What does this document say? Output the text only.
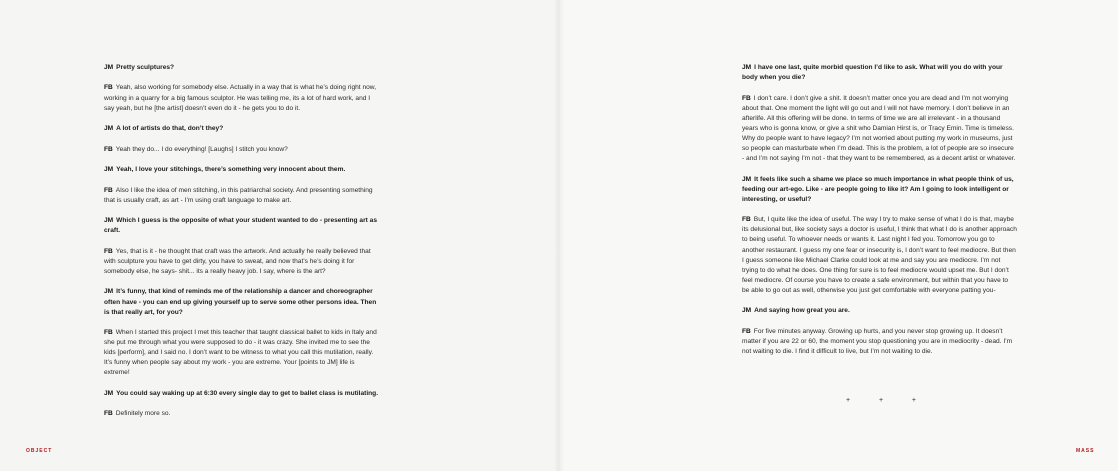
JM Pretty sculptures?

FB Yeah, also working for somebody else. Actually in a way that is what he’s doing right now, working in a quarry for a big famous sculptor. He was telling me, its a lot of hard work, and I say yeah, but he [the artist] doesn’t even do it - he gets you to do it.

JM A lot of artists do that, don’t they?

FB Yeah they do... I do everything! [Laughs] I stitch you know?

JM Yeah, I love your stitchings, there’s something very innocent about them.

FB Also I like the idea of men stitching, in this patriarchal society. And presenting something that is usually craft, as art - I’m using craft language to make art.

JM Which I guess is the opposite of what your student wanted to do - presenting art as craft.

FB Yes, that is it - he thought that craft was the artwork. And actually he really believed that with sculpture you have to get dirty, you have to sweat, and now that’s he’s doing it for somebody else, he says- shit... its a really heavy job. I say, where is the art?

JM It’s funny, that kind of reminds me of the relationship a dancer and choreographer often have - you can end up giving yourself up to serve some other persons idea. Then is that really art, for you?

FB When I started this project I met this teacher that taught classical ballet to kids in Italy and she put me through what you were supposed to do - it was crazy. She invited me to see the kids [perform], and I said no. I don’t want to be witness to what you call this mutilation, really. It’s funny when people say about my work - you are extreme. Your [points to JM] life is extreme!

JM You could say waking up at 6:30 every single day to get to ballet class is mutilating.

FB Definitely more so.

JM I have one last, quite morbid question I’d like to ask. What will you do with your body when you die?

FB I don’t care. I don’t give a shit. It doesn’t matter once you are dead and I’m not worrying about that. One moment the light will go out and I will not have memory. I don’t believe in an afterlife. All this offering will be done. In terms of time we are all irrelevant - in a thousand years who is gonna know, or give a shit who Damian Hirst is, or Tracy Emin. Time is timeless. Why do people want to have legacy? I’m not worried about putting my work in museums, just so people can masturbate when I’m dead. This is the problem, a lot of people are so insecure - and I’m not saying I’m not - that they want to be remembered, as a decent artist or whatever.

JM It feels like such a shame we place so much importance in what people think of us, feeding our art-ego. Like - are people going to like it? Am I going to look intelligent or interesting, or useful?

FB But, I quite like the idea of useful. The way I try to make sense of what I do is that, maybe its delusional but, like society says a doctor is useful, I think that what I do is another approach to being useful. To whoever needs or wants it. Last night I fed you. Tomorrow you go to another restaurant. I guess my one fear or insecurity is, I don’t want to feel mediocre. But then I guess someone like Michael Clarke could look at me and say you are mediocre. I’m not trying to do what he does. One thing for sure is to feel mediocre would upset me. But I don’t feel mediocre. Of course you have to create a safe environment, but within that you have to be able to go out as well, otherwise you just get comfortable with everyone patting you-

JM And saying how great you are.

FB For five minutes anyway. Growing up hurts, and you never stop growing up. It doesn’t matter if you are 22 or 60, the moment you stop questioning you are in mediocrity - dead. I’m not waiting to die. I find it difficult to live, but I’m not waiting to die.

+	+	+
OBJECT	MASS
